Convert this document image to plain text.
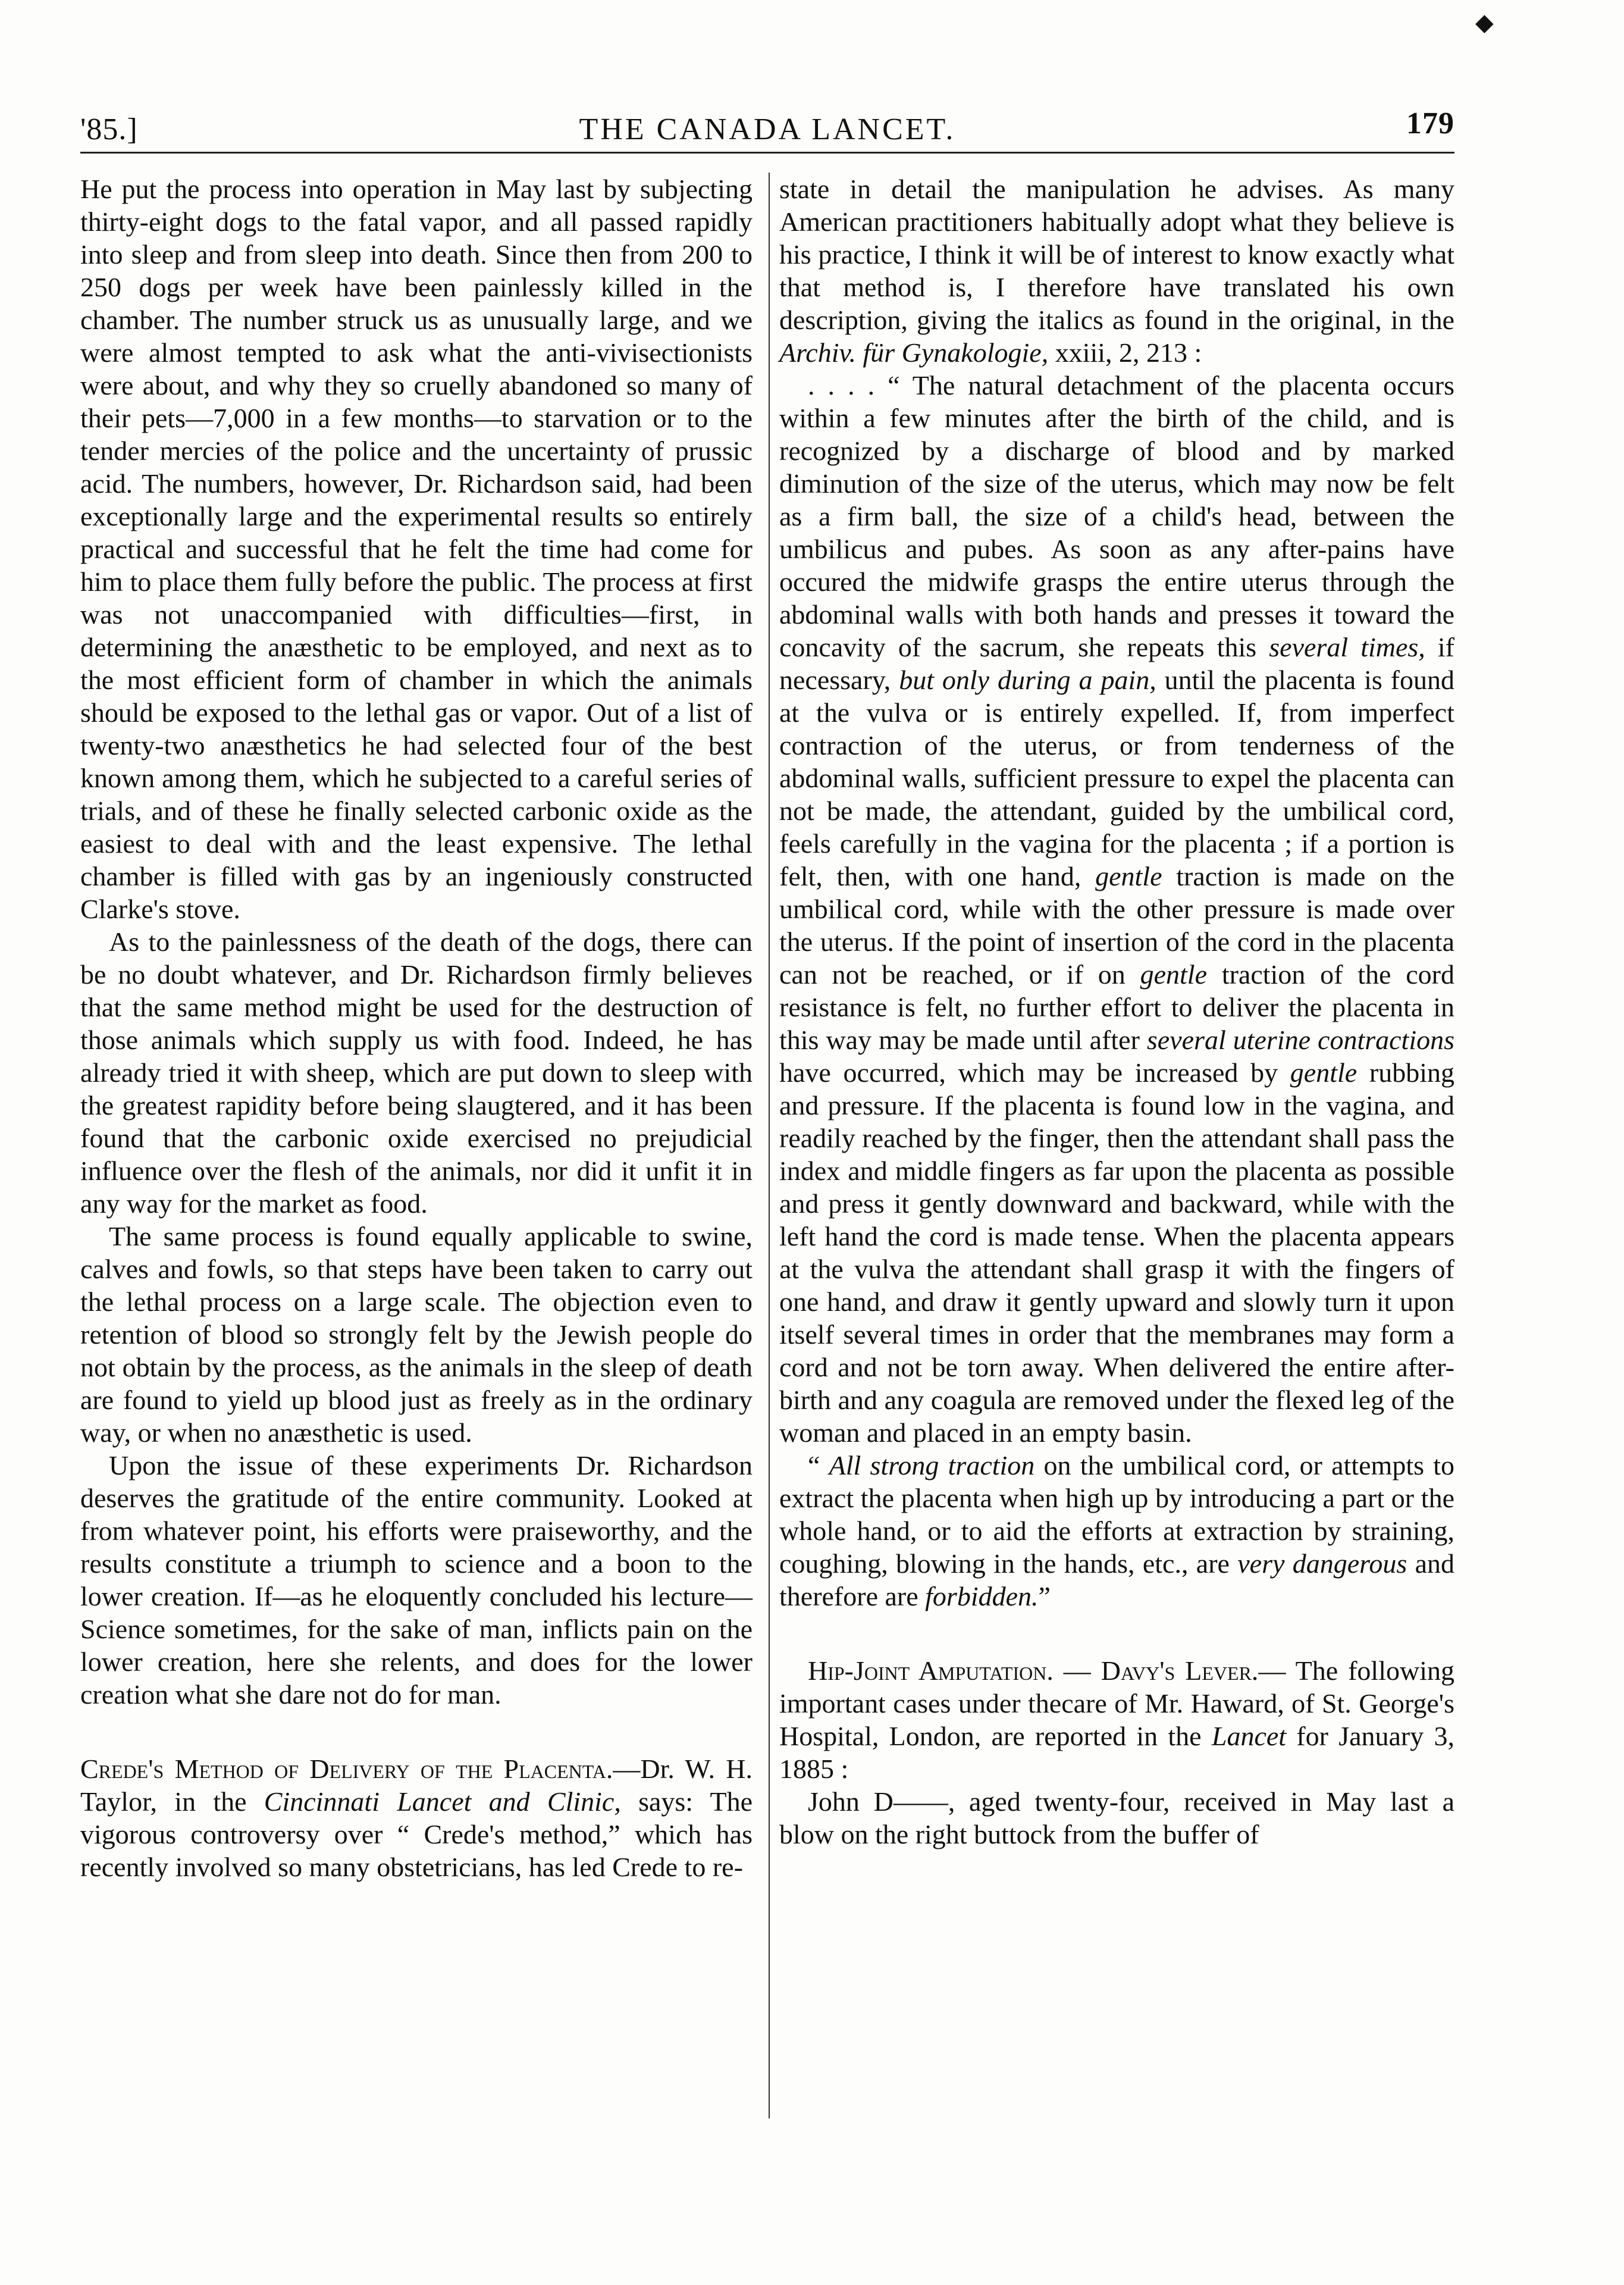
◆
'85.]	THE CANADA LANCET.	179

He put the process into operation in May last by subjecting thirty-eight dogs to the fatal vapor, and all passed rapidly into sleep and from sleep into death. Since then from 200 to 250 dogs per week have been painlessly killed in the chamber. The number struck us as unusually large, and we were almost tempted to ask what the anti-vivisectionists were about, and why they so cruelly abandoned so many of their pets—7,000 in a few months—to starvation or to the tender mercies of the police and the uncertainty of prussic acid. The numbers, however, Dr. Richardson said, had been exceptionally large and the experimental results so entirely practical and successful that he felt the time had come for him to place them fully before the public. The process at first was not unaccompanied with difficulties—first, in determining the anæsthetic to be employed, and next as to the most efficient form of chamber in which the animals should be exposed to the lethal gas or vapor. Out of a list of twenty-two anæsthetics he had selected four of the best known among them, which he subjected to a careful series of trials, and of these he finally selected carbonic oxide as the easiest to deal with and the least expensive. The lethal chamber is filled with gas by an ingeniously constructed Clarke's stove.

As to the painlessness of the death of the dogs, there can be no doubt whatever, and Dr. Richardson firmly believes that the same method might be used for the destruction of those animals which supply us with food. Indeed, he has already tried it with sheep, which are put down to sleep with the greatest rapidity before being slaugtered, and it has been found that the carbonic oxide exercised no prejudicial influence over the flesh of the animals, nor did it unfit it in any way for the market as food.

The same process is found equally applicable to swine, calves and fowls, so that steps have been taken to carry out the lethal process on a large scale. The objection even to retention of blood so strongly felt by the Jewish people do not obtain by the process, as the animals in the sleep of death are found to yield up blood just as freely as in the ordinary way, or when no anæsthetic is used.

Upon the issue of these experiments Dr. Richardson deserves the gratitude of the entire community. Looked at from whatever point, his efforts were praiseworthy, and the results constitute a triumph to science and a boon to the lower creation. If—as he eloquently concluded his lecture—Science sometimes, for the sake of man, inflicts pain on the lower creation, here she relents, and does for the lower creation what she dare not do for man.

Crede's Method of Delivery of the Placenta.—Dr. W. H. Taylor, in the Cincinnati Lancet and Clinic, says: The vigorous controversy over “ Crede's method,” which has recently involved so many obstetricians, has led Crede to re-

state in detail the manipulation he advises. As many American practitioners habitually adopt what they believe is his practice, I think it will be of interest to know exactly what that method is, I therefore have translated his own description, giving the italics as found in the original, in the Archiv. für Gynakologie, xxiii, 2, 213 :

. . . . “ The natural detachment of the placenta occurs within a few minutes after the birth of the child, and is recognized by a discharge of blood and by marked diminution of the size of the uterus, which may now be felt as a firm ball, the size of a child's head, between the umbilicus and pubes. As soon as any after-pains have occured the midwife grasps the entire uterus through the abdominal walls with both hands and presses it toward the concavity of the sacrum, she repeats this several times, if necessary, but only during a pain, until the placenta is found at the vulva or is entirely expelled. If, from imperfect contraction of the uterus, or from tenderness of the abdominal walls, sufficient pressure to expel the placenta can not be made, the attendant, guided by the umbilical cord, feels carefully in the vagina for the placenta ; if a portion is felt, then, with one hand, gentle traction is made on the umbilical cord, while with the other pressure is made over the uterus. If the point of insertion of the cord in the placenta can not be reached, or if on gentle traction of the cord resistance is felt, no further effort to deliver the placenta in this way may be made until after several uterine contractions have occurred, which may be increased by gentle rubbing and pressure. If the placenta is found low in the vagina, and readily reached by the finger, then the attendant shall pass the index and middle fingers as far upon the placenta as possible and press it gently downward and backward, while with the left hand the cord is made tense. When the placenta appears at the vulva the attendant shall grasp it with the fingers of one hand, and draw it gently upward and slowly turn it upon itself several times in order that the membranes may form a cord and not be torn away. When delivered the entire after-birth and any coagula are removed under the flexed leg of the woman and placed in an empty basin.

“ All strong traction on the umbilical cord, or attempts to extract the placenta when high up by introducing a part or the whole hand, or to aid the efforts at extraction by straining, coughing, blowing in the hands, etc., are very dangerous and therefore are forbidden.”

Hip-Joint Amputation. — Davy's Lever.— The following important cases under thecare of Mr. Haward, of St. George's Hospital, London, are reported in the Lancet for January 3, 1885 :

John D——, aged twenty-four, received in May last a blow on the right buttock from the buffer of
